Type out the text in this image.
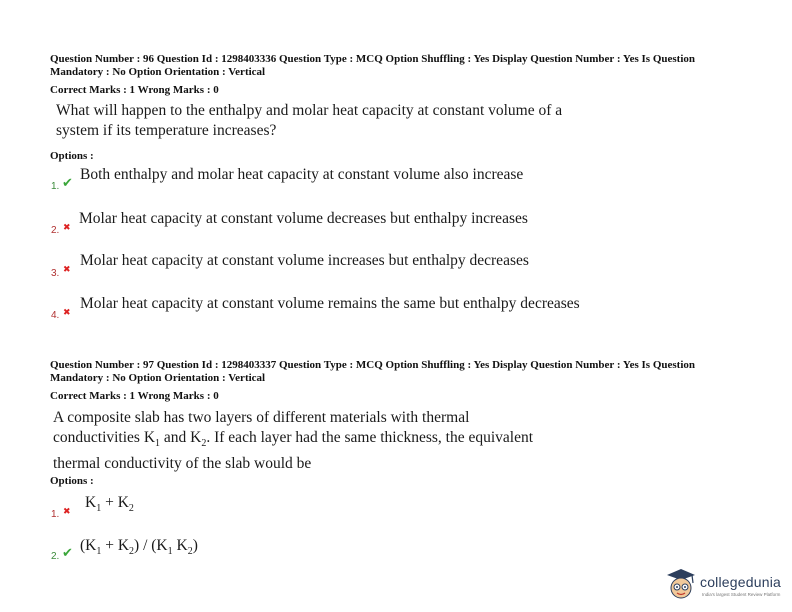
Question Number : 96 Question Id : 1298403336 Question Type : MCQ Option Shuffling : Yes Display Question Number : Yes Is Question Mandatory : No Option Orientation : Vertical
Correct Marks : 1 Wrong Marks : 0
What will happen to the enthalpy and molar heat capacity at constant volume of a
system if its temperature increases?
Options :
1. ✔
Both enthalpy and molar heat capacity at constant volume also increase
2. ✖
Molar heat capacity at constant volume decreases but enthalpy increases
3. ✖
Molar heat capacity at constant volume increases but enthalpy decreases
4. ✖
Molar heat capacity at constant volume remains the same but enthalpy decreases
Question Number : 97 Question Id : 1298403337 Question Type : MCQ Option Shuffling : Yes Display Question Number : Yes Is Question Mandatory : No Option Orientation : Vertical
Correct Marks : 1 Wrong Marks : 0
A composite slab has two layers of different materials with thermal
conductivities $K_1$ and $K_2$. If each layer had the same thickness, the equivalent
thermal conductivity of the slab would be
Options :
1. ✖
$K_1 + K_2$
2. ✔ $(K_1 + K_2) / (K_1$ $K_2$)
collegedunia
India's largest Student Review Platform
